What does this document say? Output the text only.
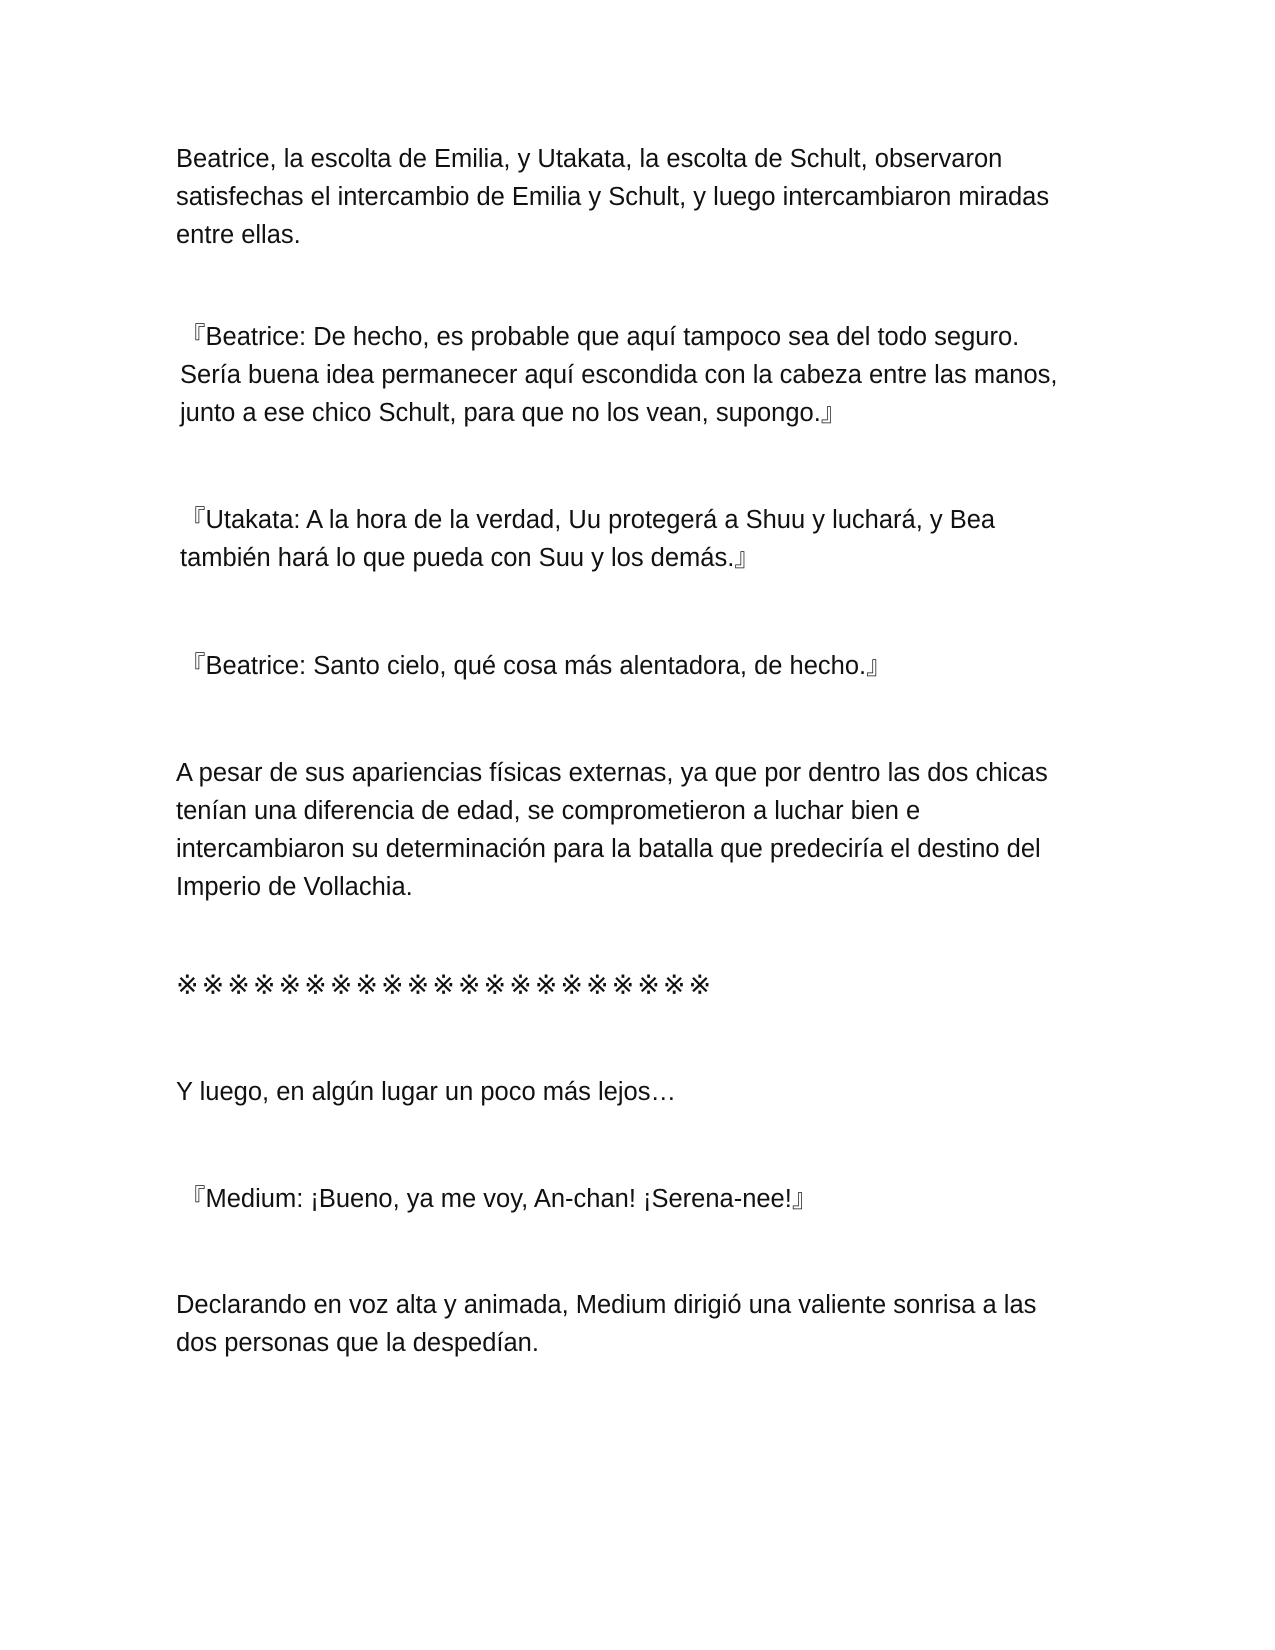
Beatrice, la escolta de Emilia, y Utakata, la escolta de Schult, observaron
satisfechas el intercambio de Emilia y Schult, y luego intercambiaron miradas
entre ellas.

『Beatrice: De hecho, es probable que aquí tampoco sea del todo seguro.
Sería buena idea permanecer aquí escondida con la cabeza entre las manos,
junto a ese chico Schult, para que no los vean, supongo.』

『Utakata: A la hora de la verdad, Uu protegerá a Shuu y luchará, y Bea
también hará lo que pueda con Suu y los demás.』

『Beatrice: Santo cielo, qué cosa más alentadora, de hecho.』

A pesar de sus apariencias físicas externas, ya que por dentro las dos chicas
tenían una diferencia de edad, se comprometieron a luchar bien e
intercambiaron su determinación para la batalla que predeciría el destino del
Imperio de Vollachia.

※※※※※※※※※※※※※※※※※※※※※

Y luego, en algún lugar un poco más lejos…

『Medium: ¡Bueno, ya me voy, An-chan! ¡Serena-nee!』

Declarando en voz alta y animada, Medium dirigió una valiente sonrisa a las
dos personas que la despedían.
